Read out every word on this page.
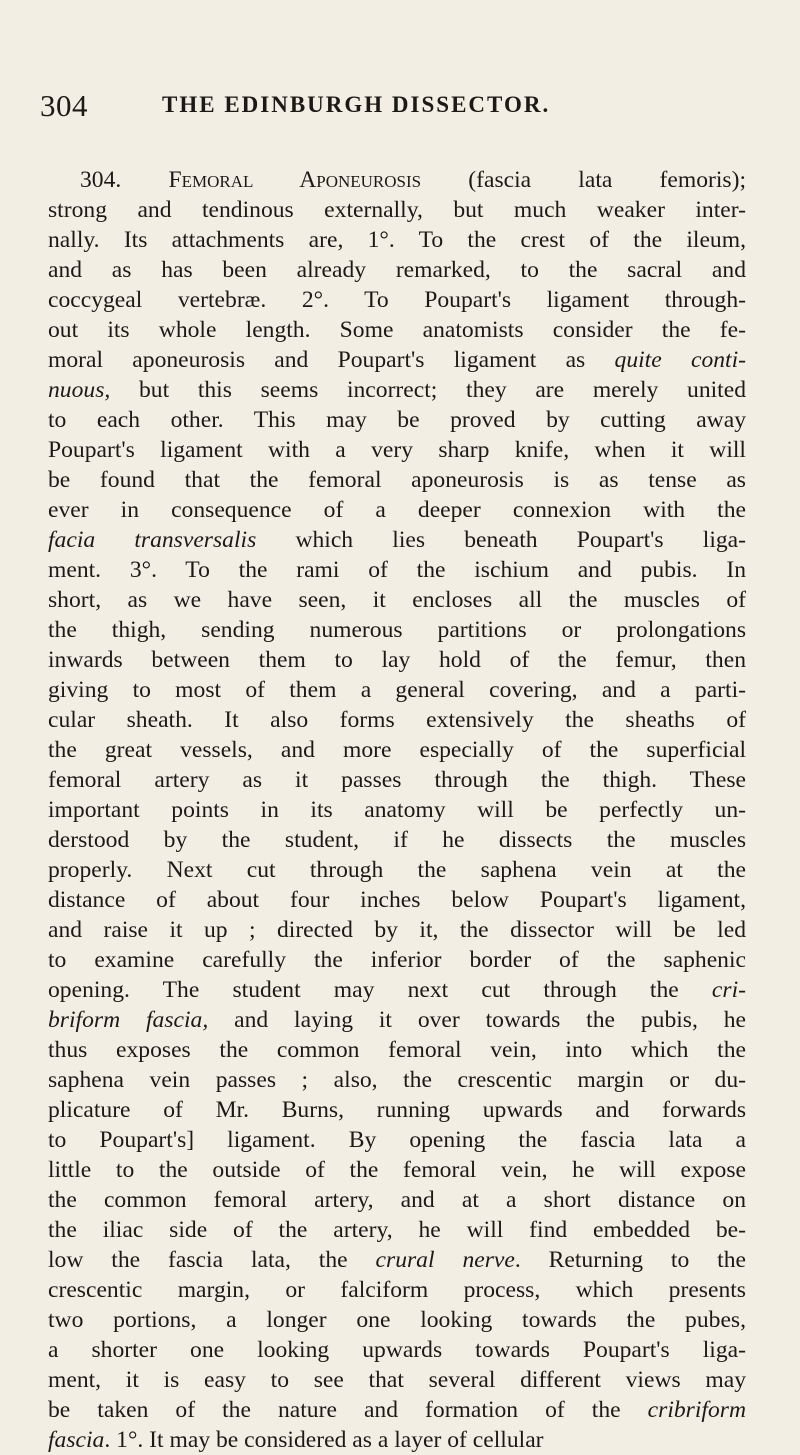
304	THE EDINBURGH DISSECTOR.
304. Femoral Aponeurosis (fascia lata femoris);
strong and tendinous externally, but much weaker inter-
nally. Its attachments are, 1°. To the crest of the ileum,
and as has been already remarked, to the sacral and
coccygeal vertebræ. 2°. To Poupart's ligament through-
out its whole length. Some anatomists consider the fe-
moral aponeurosis and Poupart's ligament as quite conti-
nuous, but this seems incorrect; they are merely united
to each other. This may be proved by cutting away
Poupart's ligament with a very sharp knife, when it will
be found that the femoral aponeurosis is as tense as
ever in consequence of a deeper connexion with the
facia transversalis which lies beneath Poupart's liga-
ment. 3°. To the rami of the ischium and pubis. In
short, as we have seen, it encloses all the muscles of
the thigh, sending numerous partitions or prolongations
inwards between them to lay hold of the femur, then
giving to most of them a general covering, and a parti-
cular sheath. It also forms extensively the sheaths of
the great vessels, and more especially of the superficial
femoral artery as it passes through the thigh. These
important points in its anatomy will be perfectly un-
derstood by the student, if he dissects the muscles
properly. Next cut through the saphena vein at the
distance of about four inches below Poupart's ligament,
and raise it up ; directed by it, the dissector will be led
to examine carefully the inferior border of the saphenic
opening. The student may next cut through the cri-
briform fascia, and laying it over towards the pubis, he
thus exposes the common femoral vein, into which the
saphena vein passes ; also, the crescentic margin or du-
plicature of Mr. Burns, running upwards and forwards
to Poupart's] ligament. By opening the fascia lata a
little to the outside of the femoral vein, he will expose
the common femoral artery, and at a short distance on
the iliac side of the artery, he will find embedded be-
low the fascia lata, the crural nerve. Returning to the
crescentic margin, or falciform process, which presents
two portions, a longer one looking towards the pubes,
a shorter one looking upwards towards Poupart's liga-
ment, it is easy to see that several different views may
be taken of the nature and formation of the cribriform
fascia. 1°. It may be considered as a layer of cellular
